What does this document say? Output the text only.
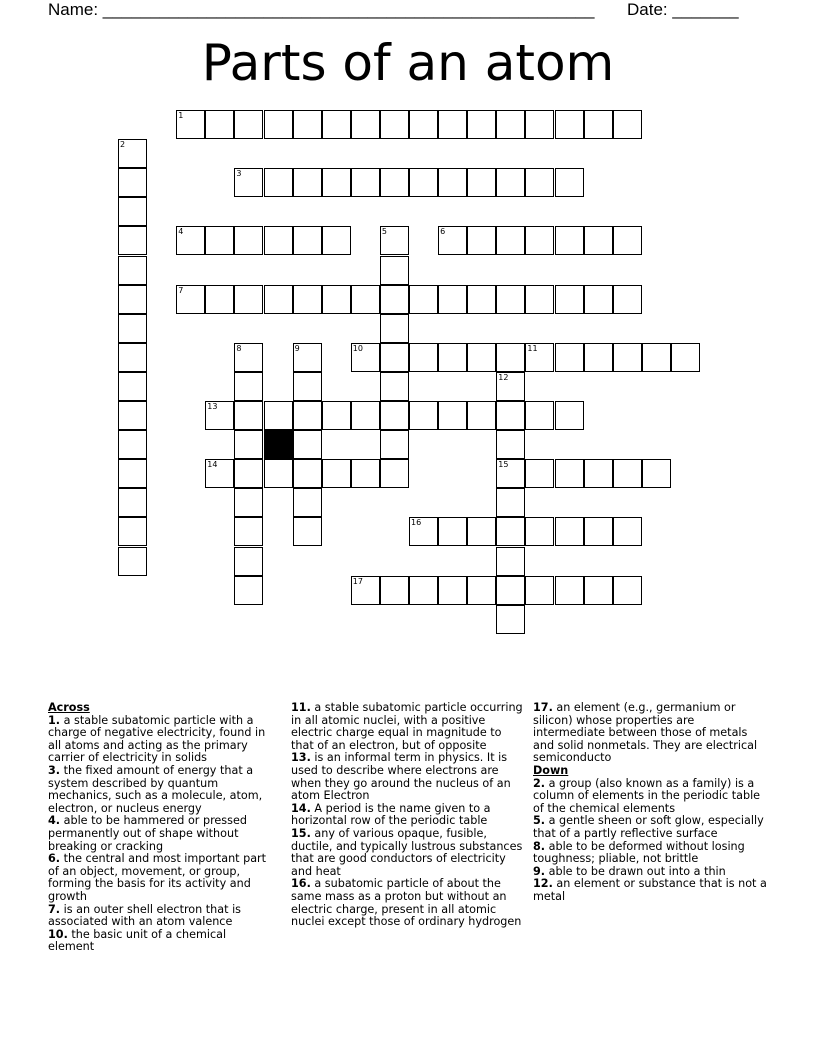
Name: ____________________________________________________ Date: _______
Parts of an atom
1
2
3
4	5	6
7
8	9	10	11
12
15
13
14
16
17
Across
1. a stable subatomic particle with a charge of negative electricity, found in all atoms and acting as the primary carrier of electricity in solids
3. the fixed amount of energy that a system described by quantum mechanics, such as a molecule, atom, electron, or nucleus energy
4. able to be hammered or pressed permanently out of shape without breaking or cracking
6. the central and most important part of an object, movement, or group, forming the basis for its activity and growth
7. is an outer shell electron that is associated with an atom valence
10. the basic unit of a chemical element
11. a stable subatomic particle occurring in all atomic nuclei, with a positive electric charge equal in magnitude to that of an electron, but of opposite
13. is an informal term in physics. It is used to describe where electrons are when they go around the nucleus of an atom Electron
14. A period is the name given to a horizontal row of the periodic table
15. any of various opaque, fusible, ductile, and typically lustrous substances that are good conductors of electricity and heat
16. a subatomic particle of about the same mass as a proton but without an electric charge, present in all atomic nuclei except those of ordinary hydrogen
17. an element (e.g., germanium or silicon) whose properties are intermediate between those of metals and solid nonmetals. They are electrical semiconducto
Down
2. a group (also known as a family) is a column of elements in the periodic table of the chemical elements
5. a gentle sheen or soft glow, especially that of a partly reflective surface
8. able to be deformed without losing toughness; pliable, not brittle
9. able to be drawn out into a thin
12. an element or substance that is not a metal
